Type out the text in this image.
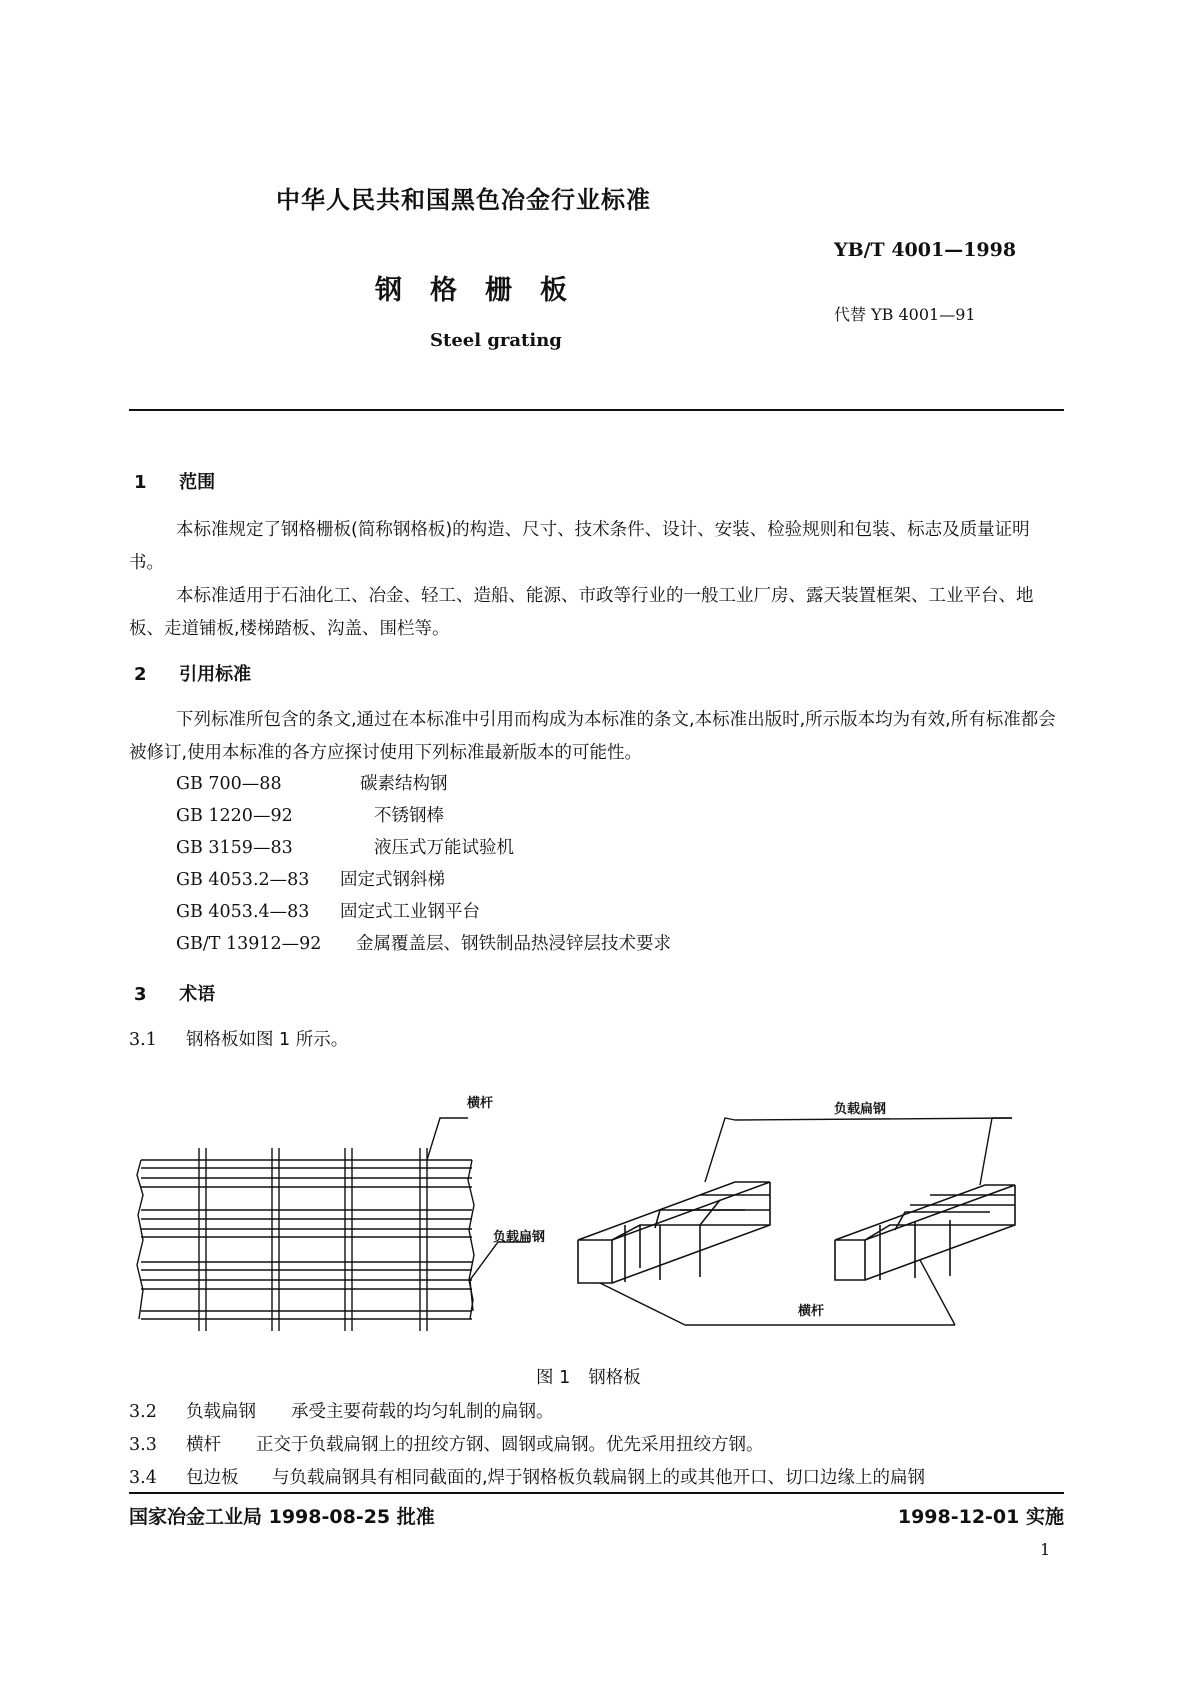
中华人民共和国黑色冶金行业标准
YB/T 4001—1998
钢格栅板
代替 YB 4001—91
Steel grating
1 范围
本标准规定了钢格栅板(简称钢格板)的构造、尺寸、技术条件、设计、安装、检验规则和包装、标志及质量证明书。
本标准适用于石油化工、冶金、轻工、造船、能源、市政等行业的一般工业厂房、露天装置框架、工业平台、地板、走道铺板,楼梯踏板、沟盖、围栏等。
2 引用标准
下列标准所包含的条文,通过在本标准中引用而构成为本标准的条文,本标准出版时,所示版本均为有效,所有标准都会被修订,使用本标准的各方应探讨使用下列标准最新版本的可能性。
GB 700—88	碳素结构钢
GB 1220—92	不锈钢棒
GB 3159—83	液压式万能试验机
GB 4053.2—83 固定式钢斜梯
GB 4053.4—83 固定式工业钢平台
GB/T 13912—92 金属覆盖层、钢铁制品热浸锌层技术要求
3 术语
3.1 钢格板如图 1 所示。
横杆
负载扁钢
负载扁钢
横杆
图 1 钢格板
3.2 负载扁钢 承受主要荷载的均匀轧制的扁钢。
3.3 横杆 正交于负载扁钢上的扭绞方钢、圆钢或扁钢。优先采用扭绞方钢。
3.4 包边板 与负载扁钢具有相同截面的,焊于钢格板负载扁钢上的或其他开口、切口边缘上的扁钢
国家冶金工业局 1998-08-25 批准	1998-12-01 实施
1
